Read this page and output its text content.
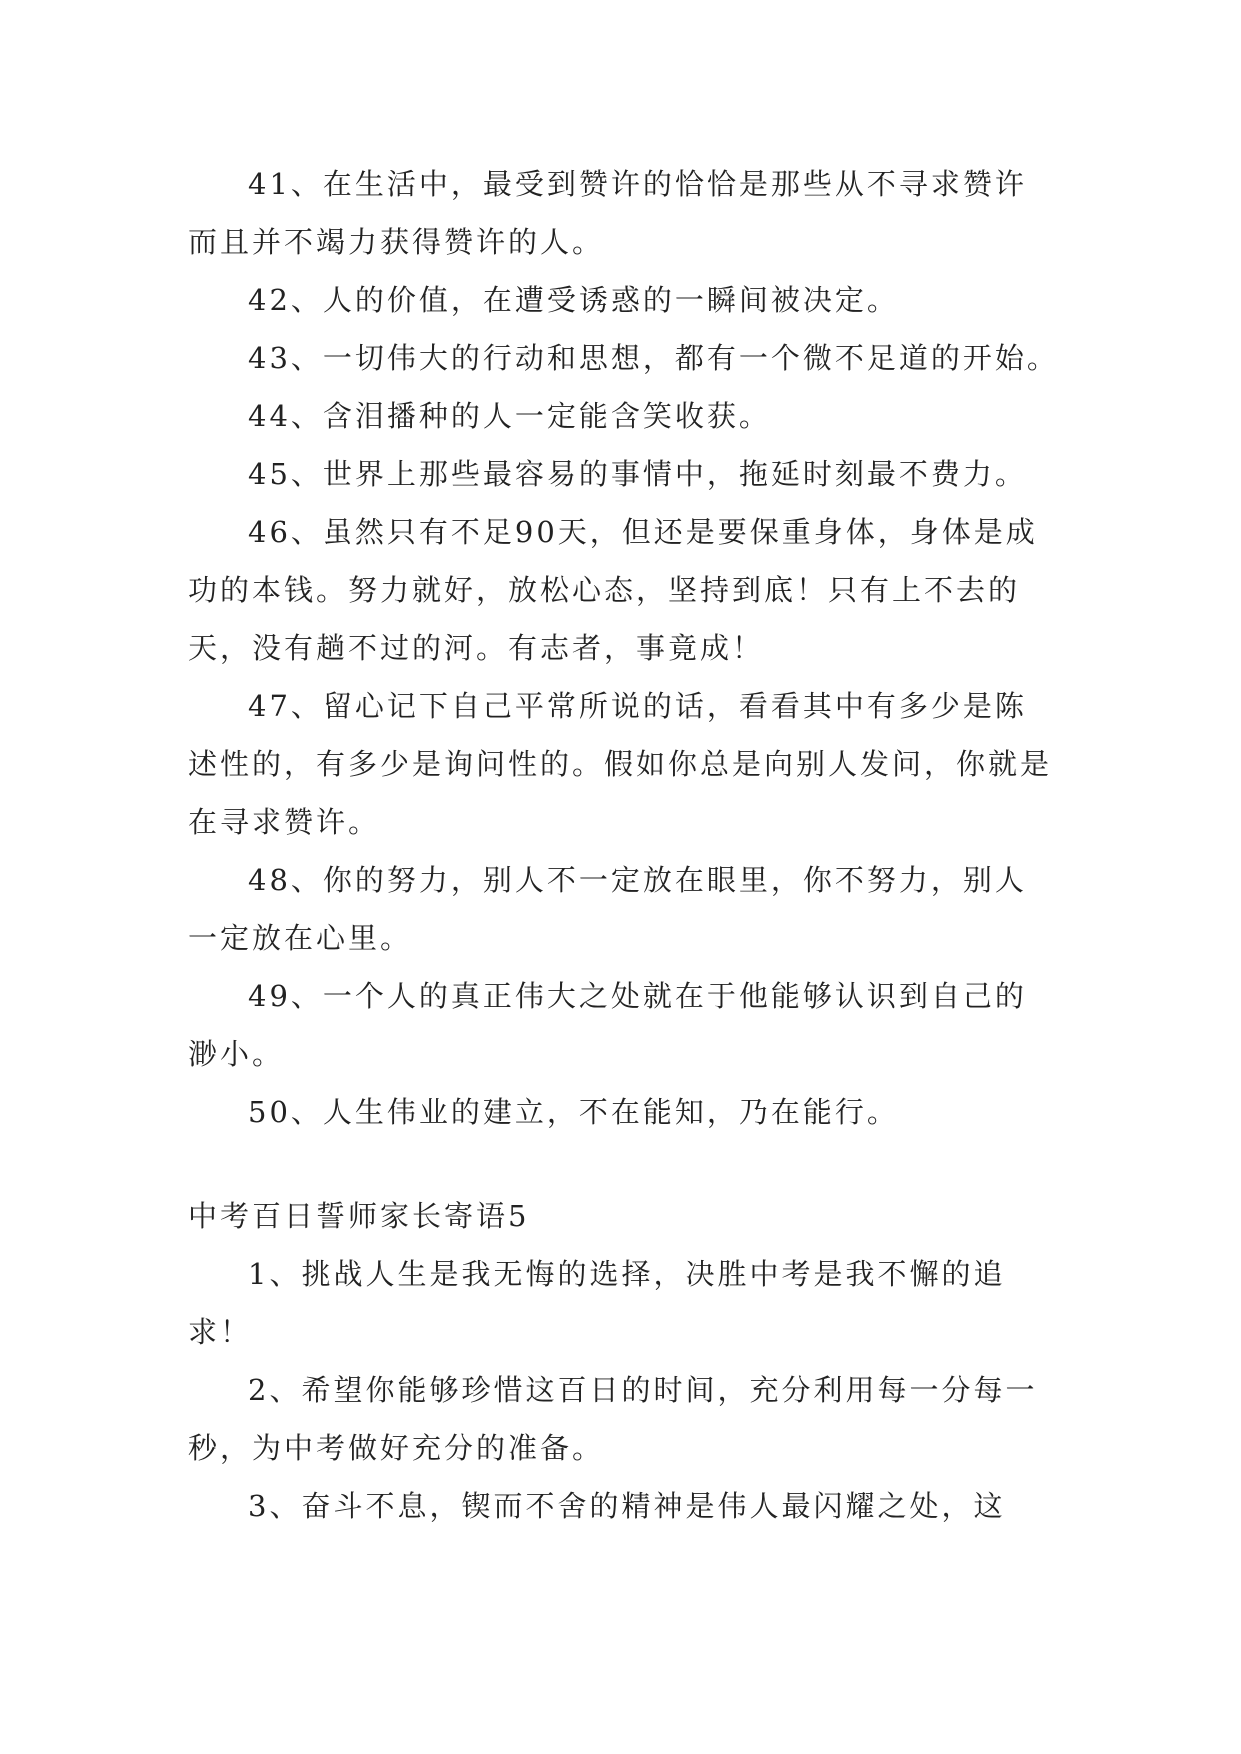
41、在生活中，最受到赞许的恰恰是那些从不寻求赞许而且并不竭力获得赞许的人。

42、人的价值，在遭受诱惑的一瞬间被决定。

43、一切伟大的行动和思想，都有一个微不足道的开始。

44、含泪播种的人一定能含笑收获。

45、世界上那些最容易的事情中，拖延时刻最不费力。

46、虽然只有不足90天，但还是要保重身体，身体是成功的本钱。努力就好，放松心态，坚持到底！只有上不去的天，没有趟不过的河。有志者，事竟成！

47、留心记下自己平常所说的话，看看其中有多少是陈述性的，有多少是询问性的。假如你总是向别人发问，你就是在寻求赞许。

48、你的努力，别人不一定放在眼里，你不努力，别人一定放在心里。

49、一个人的真正伟大之处就在于他能够认识到自己的渺小。

50、人生伟业的建立，不在能知，乃在能行。

中考百日誓师家长寄语5

1、挑战人生是我无悔的选择，决胜中考是我不懈的追求！

2、希望你能够珍惜这百日的时间，充分利用每一分每一秒，为中考做好充分的准备。

3、奋斗不息，锲而不舍的精神是伟人最闪耀之处，这
